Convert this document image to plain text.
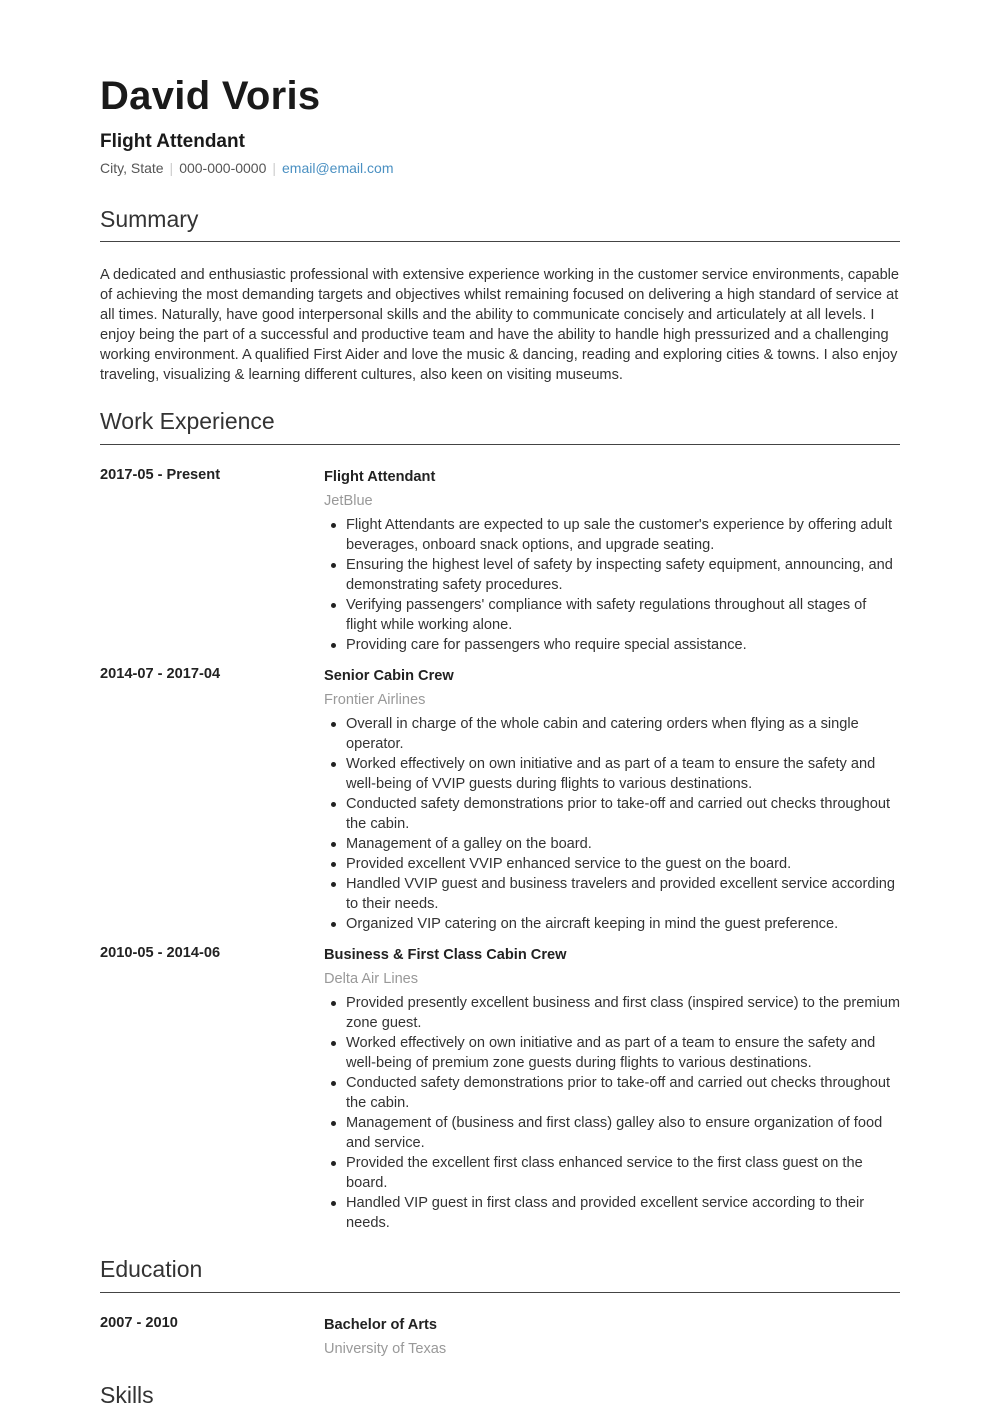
David Voris
Flight Attendant
City, State | 000-000-0000 | email@email.com
Summary
A dedicated and enthusiastic professional with extensive experience working in the customer service environments, capable of achieving the most demanding targets and objectives whilst remaining focused on delivering a high standard of service at all times. Naturally, have good interpersonal skills and the ability to communicate concisely and articulately at all levels. I enjoy being the part of a successful and productive team and have the ability to handle high pressurized and a challenging working environment. A qualified First Aider and love the music & dancing, reading and exploring cities & towns. I also enjoy traveling, visualizing & learning different cultures, also keen on visiting museums.
Work Experience
2017-05 - Present	Flight Attendant
JetBlue
Flight Attendants are expected to up sale the customer's experience by offering adult beverages, onboard snack options, and upgrade seating.
Ensuring the highest level of safety by inspecting safety equipment, announcing, and demonstrating safety procedures.
Verifying passengers' compliance with safety regulations throughout all stages of flight while working alone.
Providing care for passengers who require special assistance.
2014-07 - 2017-04	Senior Cabin Crew
Frontier Airlines
Overall in charge of the whole cabin and catering orders when flying as a single operator.
Worked effectively on own initiative and as part of a team to ensure the safety and well-being of VVIP guests during flights to various destinations.
Conducted safety demonstrations prior to take-off and carried out checks throughout the cabin.
Management of a galley on the board.
Provided excellent VVIP enhanced service to the guest on the board.
Handled VVIP guest and business travelers and provided excellent service according to their needs.
Organized VIP catering on the aircraft keeping in mind the guest preference.
2010-05 - 2014-06	Business & First Class Cabin Crew
Delta Air Lines
Provided presently excellent business and first class (inspired service) to the premium zone guest.
Worked effectively on own initiative and as part of a team to ensure the safety and well-being of premium zone guests during flights to various destinations.
Conducted safety demonstrations prior to take-off and carried out checks throughout the cabin.
Management of (business and first class) galley also to ensure organization of food and service.
Provided the excellent first class enhanced service to the first class guest on the board.
Handled VIP guest in first class and provided excellent service according to their needs.
Education
2007 - 2010	Bachelor of Arts
University of Texas
Skills
